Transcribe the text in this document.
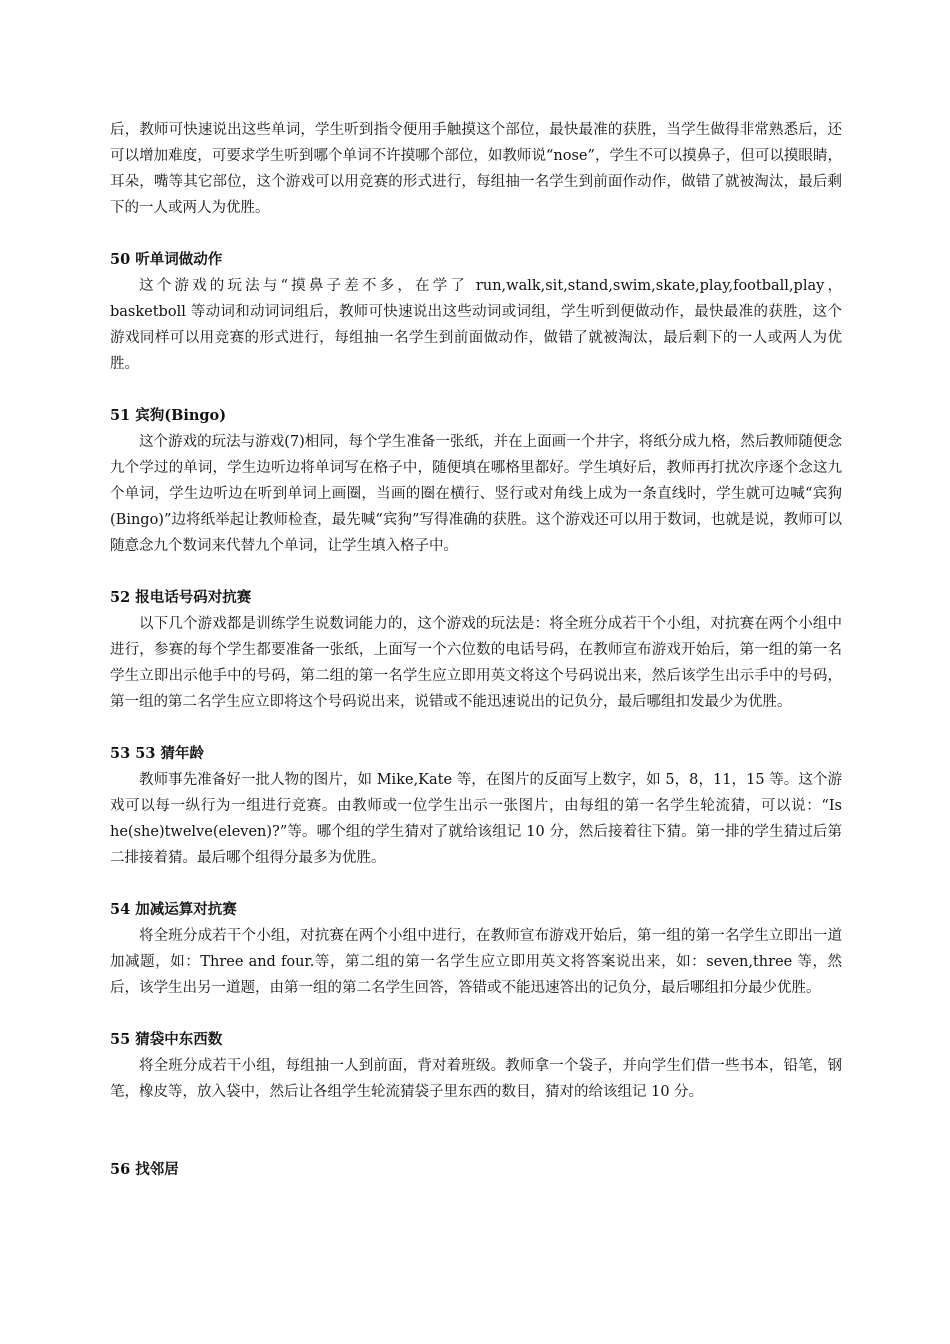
后，教师可快速说出这些单词，学生听到指令便用手触摸这个部位，最快最准的获胜，当学生做得非常熟悉后，还可以增加难度，可要求学生听到哪个单词不许摸哪个部位，如教师说“nose”，学生不可以摸鼻子，但可以摸眼睛，耳朵，嘴等其它部位，这个游戏可以用竞赛的形式进行，每组抽一名学生到前面作动作，做错了就被淘汰，最后剩下的一人或两人为优胜。

50 听单词做动作

这个游戏的玩法与“摸鼻子差不多，在学了 run,walk,sit,stand,swim,skate,play,football,play，basketboll 等动词和动词词组后，教师可快速说出这些动词或词组，学生听到便做动作，最快最准的获胜，这个游戏同样可以用竞赛的形式进行，每组抽一名学生到前面做动作，做错了就被淘汰，最后剩下的一人或两人为优胜。

51 宾狗(Bingo)

这个游戏的玩法与游戏(7)相同，每个学生准备一张纸，并在上面画一个井字，将纸分成九格，然后教师随便念九个学过的单词，学生边听边将单词写在格子中，随便填在哪格里都好。学生填好后，教师再打扰次序逐个念这九个单词，学生边听边在听到单词上画圈，当画的圈在横行、竖行或对角线上成为一条直线时，学生就可边喊“宾狗(Bingo)”边将纸举起让教师检查，最先喊“宾狗”写得准确的获胜。这个游戏还可以用于数词，也就是说，教师可以随意念九个数词来代替九个单词，让学生填入格子中。

52 报电话号码对抗赛

以下几个游戏都是训练学生说数词能力的，这个游戏的玩法是：将全班分成若干个小组，对抗赛在两个小组中进行，参赛的每个学生都要准备一张纸，上面写一个六位数的电话号码，在教师宣布游戏开始后，第一组的第一名学生立即出示他手中的号码，第二组的第一名学生应立即用英文将这个号码说出来，然后该学生出示手中的号码，第一组的第二名学生应立即将这个号码说出来，说错或不能迅速说出的记负分，最后哪组扣发最少为优胜。

53 53 猜年龄

教师事先准备好一批人物的图片，如 Mike,Kate 等，在图片的反面写上数字，如 5，8，11，15 等。这个游戏可以每一纵行为一组进行竞赛。由教师或一位学生出示一张图片，由每组的第一名学生轮流猜，可以说：“Is he(she)twelve(eleven)?”等。哪个组的学生猜对了就给该组记 10 分，然后接着往下猜。第一排的学生猜过后第二排接着猜。最后哪个组得分最多为优胜。

54 加减运算对抗赛

将全班分成若干个小组，对抗赛在两个小组中进行，在教师宣布游戏开始后，第一组的第一名学生立即出一道加减题，如：Three and four.等，第二组的第一名学生应立即用英文将答案说出来，如：seven,three 等，然后，该学生出另一道题，由第一组的第二名学生回答，答错或不能迅速答出的记负分，最后哪组扣分最少优胜。

55 猜袋中东西数

将全班分成若干小组，每组抽一人到前面，背对着班级。教师拿一个袋子，并向学生们借一些书本，铅笔，钢笔，橡皮等，放入袋中，然后让各组学生轮流猜袋子里东西的数目，猜对的给该组记 10 分。

56 找邻居
